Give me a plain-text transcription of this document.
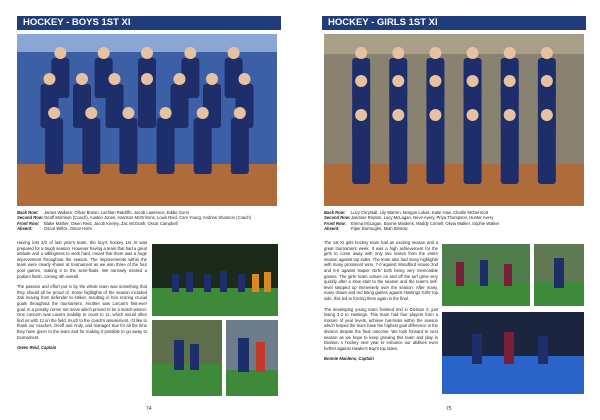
HOCKEY - BOYS 1ST XI
Back Row:	James Wallace, Oliver Brown, Lachlan Ratcliffe, Jacob Lawrence, Eddie Gunn
Second Row: Geoff Morrison (Coach), Austen Jones, Harrison McGrimms, Louis Reid, Cam Young, Andrew Shannon (Coach)
Front Row:	Blake Mather, Owen Reid, Jacob Keeley, Zac McGrath, Oscar Campbell
Absent:	Oscar Willox, Oscar Holm

Having lost 2/3 of last year's team, the boy's hockey 1st XI was prepared for a tough season. However having a team that had a great attitude and a willingness to work hard, meant that there was a huge improvement throughout the season. The improvements within the team were clearly shown at tournament as we won three of the four pool games, making it to the semi-finals. We narrowly missed a podium finish, coming 4th overall.

The passion and effort put in by the whole team was something that they should all be proud of. Some highlights of the season included Zak moving from defender to striker, resulting in him scoring crucial goals throughout the tournament. Another was Lorcan's first-ever goal, in a penalty corner set move which proved to be a match-winner. One concern was Louis's inability to count to 11, which would often find us with 12 on the field, much to the coach's amusement. I'd like to thank our coaches, Geoff and Andy, and manager Sue for all the time they have given to the team and for making it possible to go away to tournament.

Owen Reid, Captain

74
HOCKEY - GIRLS 1ST XI
Back Row:	Lucy Chrystall, Lily Warren, Morgan Lukas, Katie Haw, Charlie McDermott
Second Row: Jasmine Repton, Lucy McLagan, Neve Avery, Priya Thompson, Hunter Avery
Front Row:	Emma McLagan, Bonnie Maidens, Maddy Cornell, Olivia Walker, Sophie Walker
Absent:	Piper Burroughs, Miah Bristow

The 1st XI girls hockey team had an exciting season and a great tournament week. It was a high achievement for the girls to come away with only two losses from the entire season against top sides. The team also had many highlights with many prominent wins, 7-0 against Woodford House 2nd and 6-0 against Napier Girls' both being very memorable games. The girls' team culture on and off the turf grew very quickly after a slow start to the season and the team's self-level stepped up immensely over the season. After many, many drawn and red biting games against Hastings Girls' top side, this led to forcing them again in the final.

The developing young team finished 2nd in Division 2, just losing 3-2 to Hastings. This team had four players from a mixture of year levels, achieve hat-tricks within the season which helped the team have the highest goal difference in the division despite the final outcome. We look forward to next season as we hope to keep growing this team and play in Division 1 hockey next year to enhance our abilities even further against Hawke's Bay's top sides.

Bonnie Maidens, Captain

75
